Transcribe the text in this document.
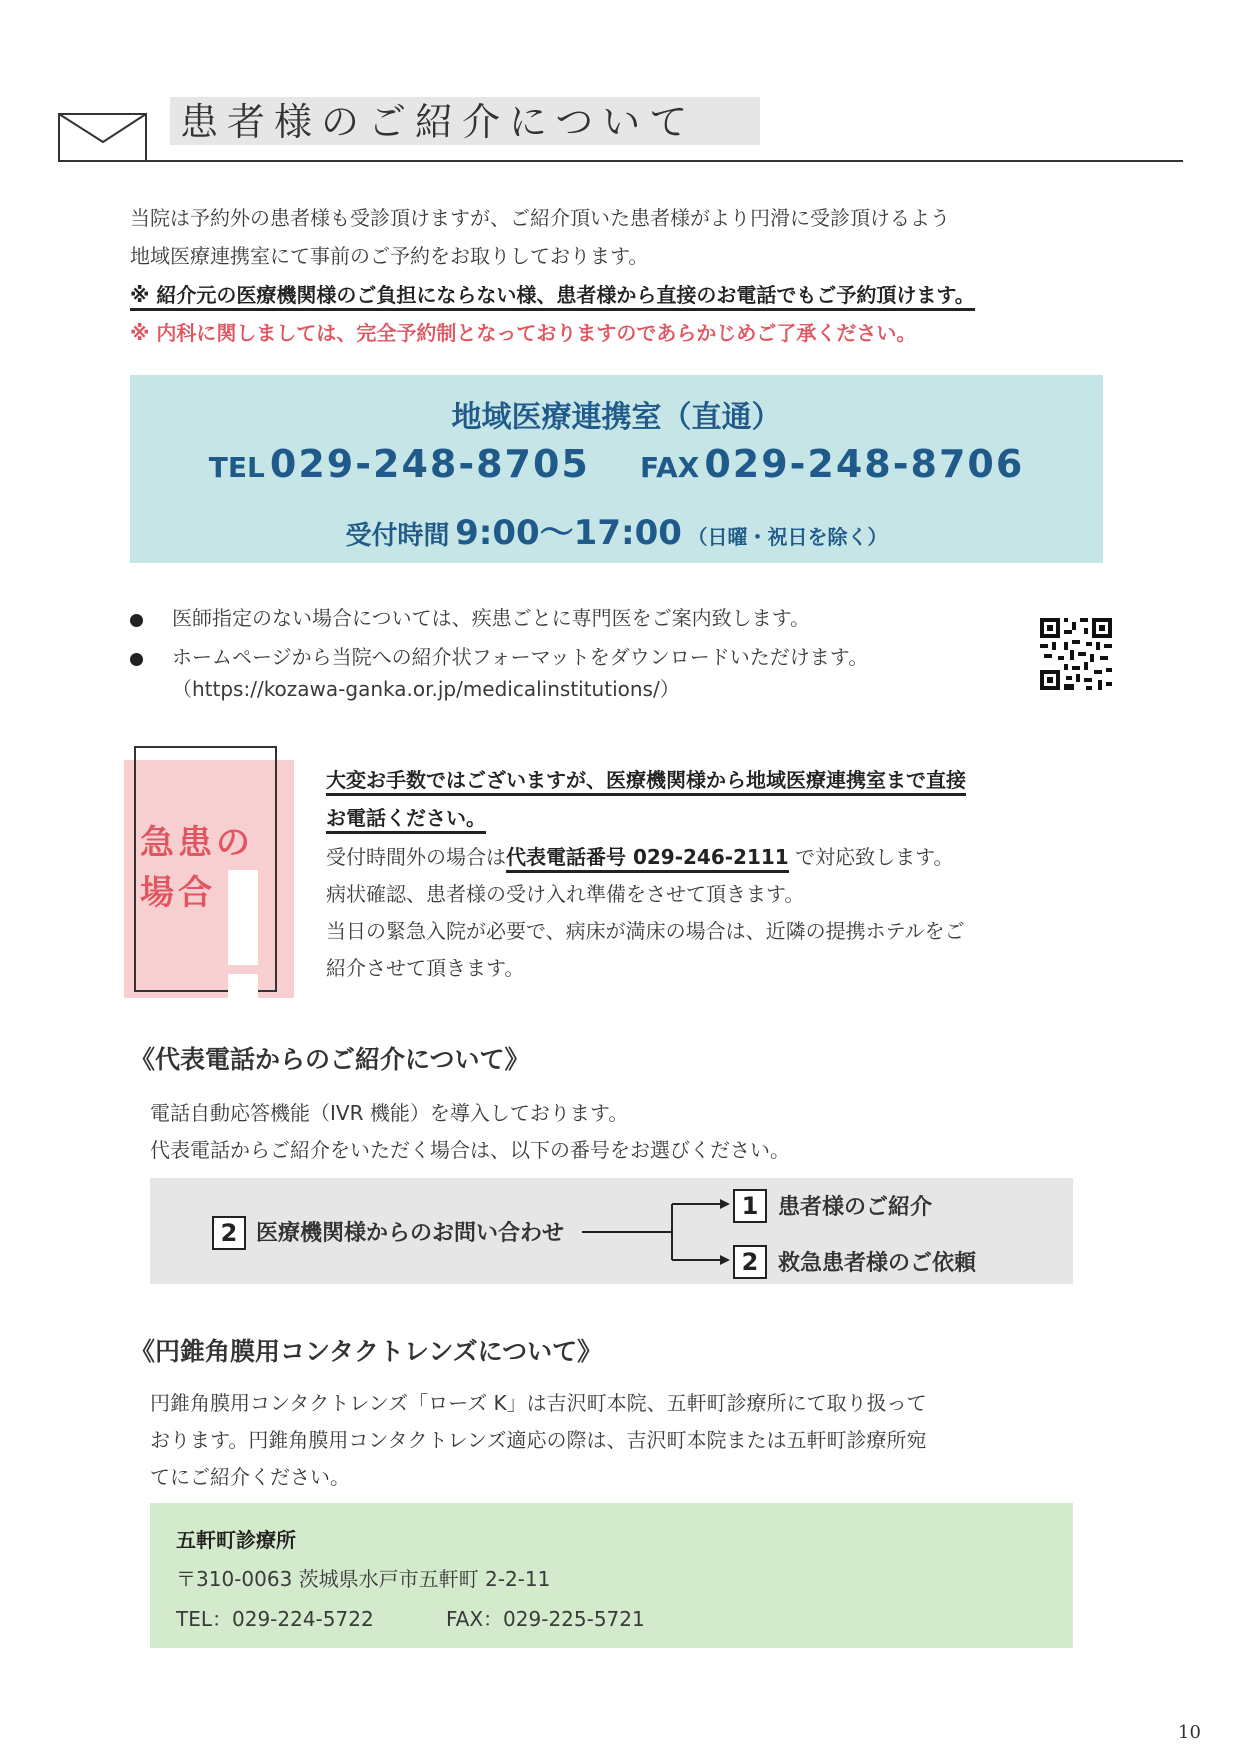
患者様のご紹介について
当院は予約外の患者様も受診頂けますが、ご紹介頂いた患者様がより円滑に受診頂けるよう
地域医療連携室にて事前のご予約をお取りしております。
※ 紹介元の医療機関様のご負担にならない様、患者様から直接のお電話でもご予約頂けます。
※ 内科に関しましては、完全予約制となっておりますのであらかじめご了承ください。
地域医療連携室（直通）
TEL 029-248-8705 FAX 029-248-8706
受付時間 9:00〜17:00 （日曜・祝日を除く）
医師指定のない場合については、疾患ごとに専門医をご案内致します。
ホームページから当院への紹介状フォーマットをダウンロードいただけます。
（https://kozawa-ganka.or.jp/medicalinstitutions/）
急患の
場合
大変お手数ではございますが、医療機関様から地域医療連携室まで直接
お電話ください。
受付時間外の場合は代表電話番号 029-246-2111 で対応致します。
病状確認、患者様の受け入れ準備をさせて頂きます。
当日の緊急入院が必要で、病床が満床の場合は、近隣の提携ホテルをご
紹介させて頂きます。
《代表電話からのご紹介について》
電話自動応答機能（IVR 機能）を導入しております。
代表電話からご紹介をいただく場合は、以下の番号をお選びください。
2 医療機関様からのお問い合わせ
1 患者様のご紹介
2 救急患者様のご依頼
《円錐角膜用コンタクトレンズについて》
円錐角膜用コンタクトレンズ「ローズ K」は吉沢町本院、五軒町診療所にて取り扱って
おります。円錐角膜用コンタクトレンズ適応の際は、吉沢町本院または五軒町診療所宛
てにご紹介ください。
五軒町診療所
〒310-0063 茨城県水戸市五軒町 2-2-11
TEL：029-224-5722	FAX：029-225-5721
10
